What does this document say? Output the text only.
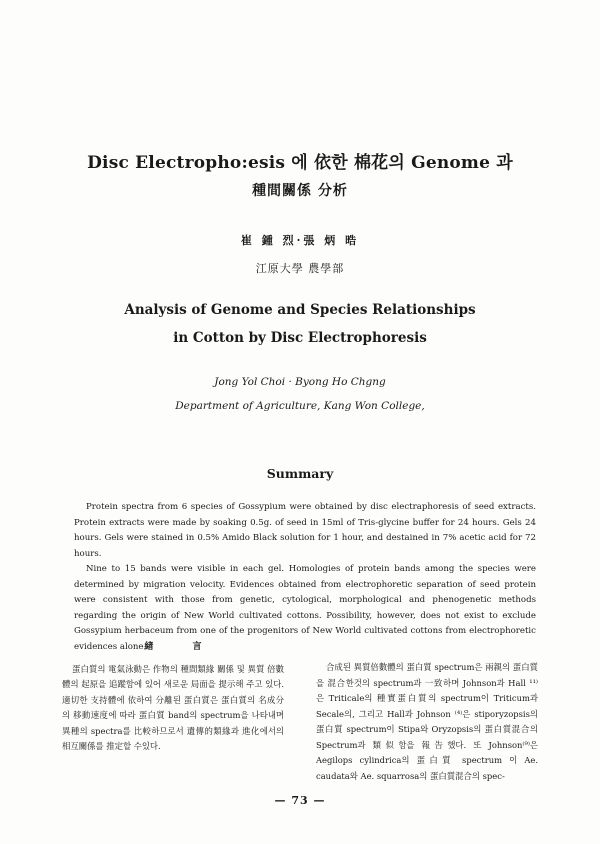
Disc Electropho:esis 에 依한 棉花의 Genome 과
種間關係 分析
崔 鍾 烈·張 炳 晧
江原大學 農學部
Analysis of Genome and Species Relationships
in Cotton by Disc Electrophoresis
Jong Yol Choi · Byong Ho Chgng
Department of Agriculture, Kang Won College,
Summary

Protein spectra from 6 species of Gossypium were obtained by disc electraphoresis of seed extracts. Protein extracts were made by soaking 0.5g. of seed in 15ml of Tris-glycine buffer for 24 hours. Gels 24 hours. Gels were stained in 0.5% Amido Black solution for 1 hour, and destained in 7% acetic acid for 72 hours.

Nine to 15 bands were visible in each gel. Homologies of protein bands among the species were determined by migration velocity. Evidences obtained from electrophoretic separation of seed protein were consistent with those from genetic, cytological, morphological and phenogenetic methods regarding the origin of New World cultivated cottons. Possibility, however, does not exist to exclude Gossypium herbaceum from one of the progenitors of New World cultivated cottons from electrophoretic evidences alone.

緖 言

蛋白質의 電氣泳動은 作物의 種間類緣 關係 및 異質 倍數體의 起原을 追蹤함에 있어 새로운 局面을 提示해 주고 있다. 適切한 支持體에 依하여 分離된 蛋白質은 蛋白質의 名成分의 移動速度에 따라 蛋白質 band의 spectrum을 나타내며 異種의 spectra를 比較하므로서 遺傳的類緣과 進化에서의 相互關係를 推定할 수있다.

合成된 異質倍數體의 蛋白質 spectrum은 兩親의 蛋白質을 混合한것의 spectrum과 一致하며 Johnson과 Hall ¹¹⁾ 은 Triticale의 種實蛋白質의 spectrum이 Triticum과 Secale의, 그리고 Hall과 Johnson ⁽⁴⁾은 stiporyzopsis의 蛋白質 spectrum이 Stipa와 Oryzopsis의 蛋白質混合의 Spectrum과 類似함을 報告했다. 또 Johnson⁽⁹⁾은 Aegilops cylindrica의 蛋白質 spectrum 이 Ae. caudata와 Ae. squarrosa의 蛋白質混合의 spec-

— 73 —
